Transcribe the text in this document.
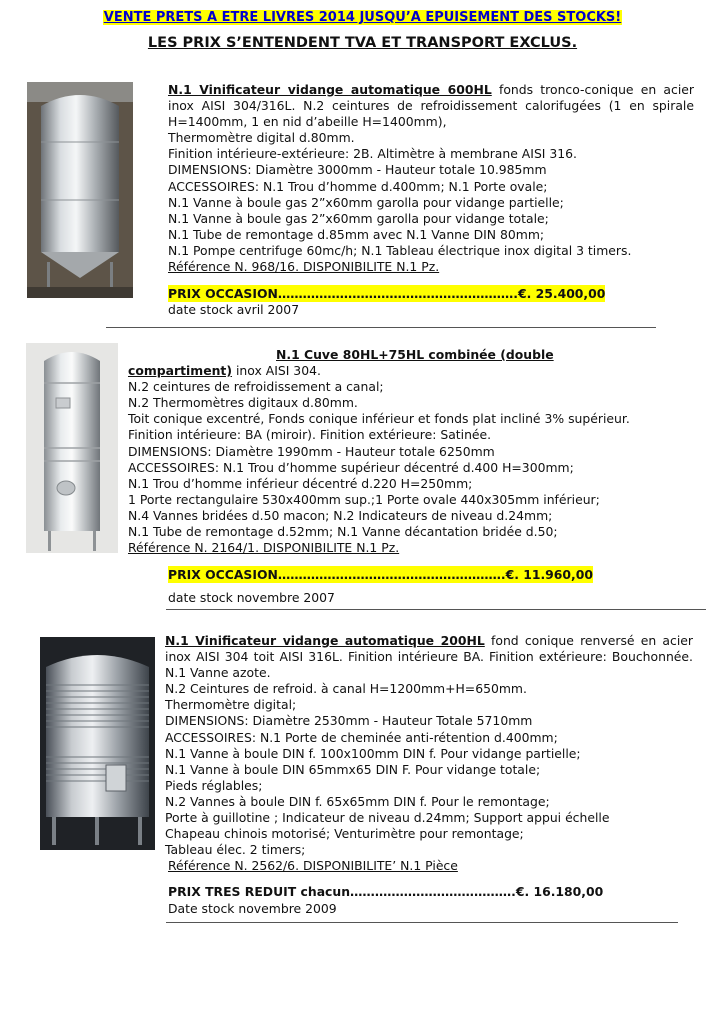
VENTE PRETS A ETRE LIVRES 2014 JUSQU’A EPUISEMENT DES STOCKS!
LES PRIX S’ENTENDENT TVA ET TRANSPORT EXCLUS.

N.1 Vinificateur vidange automatique 600HL fonds tronco-conique en acier inox AISI 304/316L. N.2 ceintures de refroidissement calorifugées (1 en spirale H=1400mm, 1 en nid d’abeille H=1400mm),

Thermomètre digital d.80mm.

Finition intérieure-extérieure: 2B. Altimètre à membrane AISI 316.

DIMENSIONS: Diamètre 3000mm - Hauteur totale 10.985mm

ACCESSOIRES: N.1 Trou d’homme d.400mm; N.1 Porte ovale;

N.1 Vanne à boule gas 2”x60mm garolla pour vidange partielle;

N.1 Vanne à boule gas 2”x60mm garolla pour vidange totale;

N.1 Tube de remontage d.85mm avec N.1 Vanne DIN 80mm;

N.1 Pompe centrifuge 60mc/h; N.1 Tableau électrique inox digital 3 timers.

Référence N. 968/16. DISPONIBILITE N.1 Pz.

PRIX OCCASION………………………………………………….€. 25.400,00
date stock avril 2007

N.1 Cuve 80HL+75HL combinée (double

compartiment) inox AISI 304.

N.2 ceintures de refroidissement a canal;

N.2 Thermomètres digitaux d.80mm.

Toit conique excentré, Fonds conique inférieur et fonds plat incliné 3% supérieur.

Finition intérieure: BA (miroir). Finition extérieure: Satinée.

DIMENSIONS: Diamètre 1990mm - Hauteur totale 6250mm

ACCESSOIRES: N.1 Trou d’homme supérieur décentré d.400 H=300mm;

N.1 Trou d’homme inférieur décentré d.220 H=250mm;

1 Porte rectangulaire 530x400mm sup.;1 Porte ovale 440x305mm inférieur;

N.4 Vannes bridées d.50 macon; N.2 Indicateurs de niveau d.24mm;

N.1 Tube de remontage d.52mm; N.1 Vanne décantation bridée d.50;

Référence N. 2164/1. DISPONIBILITE N.1 Pz.

PRIX OCCASION……………………………………………….€. 11.960,00
date stock novembre 2007

N.1 Vinificateur vidange automatique 200HL fond conique renversé en acier inox AISI 304 toit AISI 316L. Finition intérieure BA. Finition extérieure: Bouchonnée. N.1 Vanne azote.

N.2 Ceintures de refroid. à canal H=1200mm+H=650mm.

Thermomètre digital;

DIMENSIONS: Diamètre 2530mm - Hauteur Totale 5710mm

ACCESSOIRES: N.1 Porte de cheminée anti-rétention d.400mm;

N.1 Vanne à boule DIN f. 100x100mm DIN f. Pour vidange partielle;

N.1 Vanne à boule DIN 65mmx65 DIN F. Pour vidange totale;

Pieds réglables;

N.2 Vannes à boule DIN f. 65x65mm DIN f. Pour le remontage;

Porte à guillotine ; Indicateur de niveau d.24mm; Support appui échelle

Chapeau chinois motorisé; Venturimètre pour remontage;

Tableau élec. 2 timers;

Référence N. 2562/6. DISPONIBILITE’ N.1 Pièce

PRIX TRES REDUIT chacun………………………………….€. 16.180,00
Date stock novembre 2009
